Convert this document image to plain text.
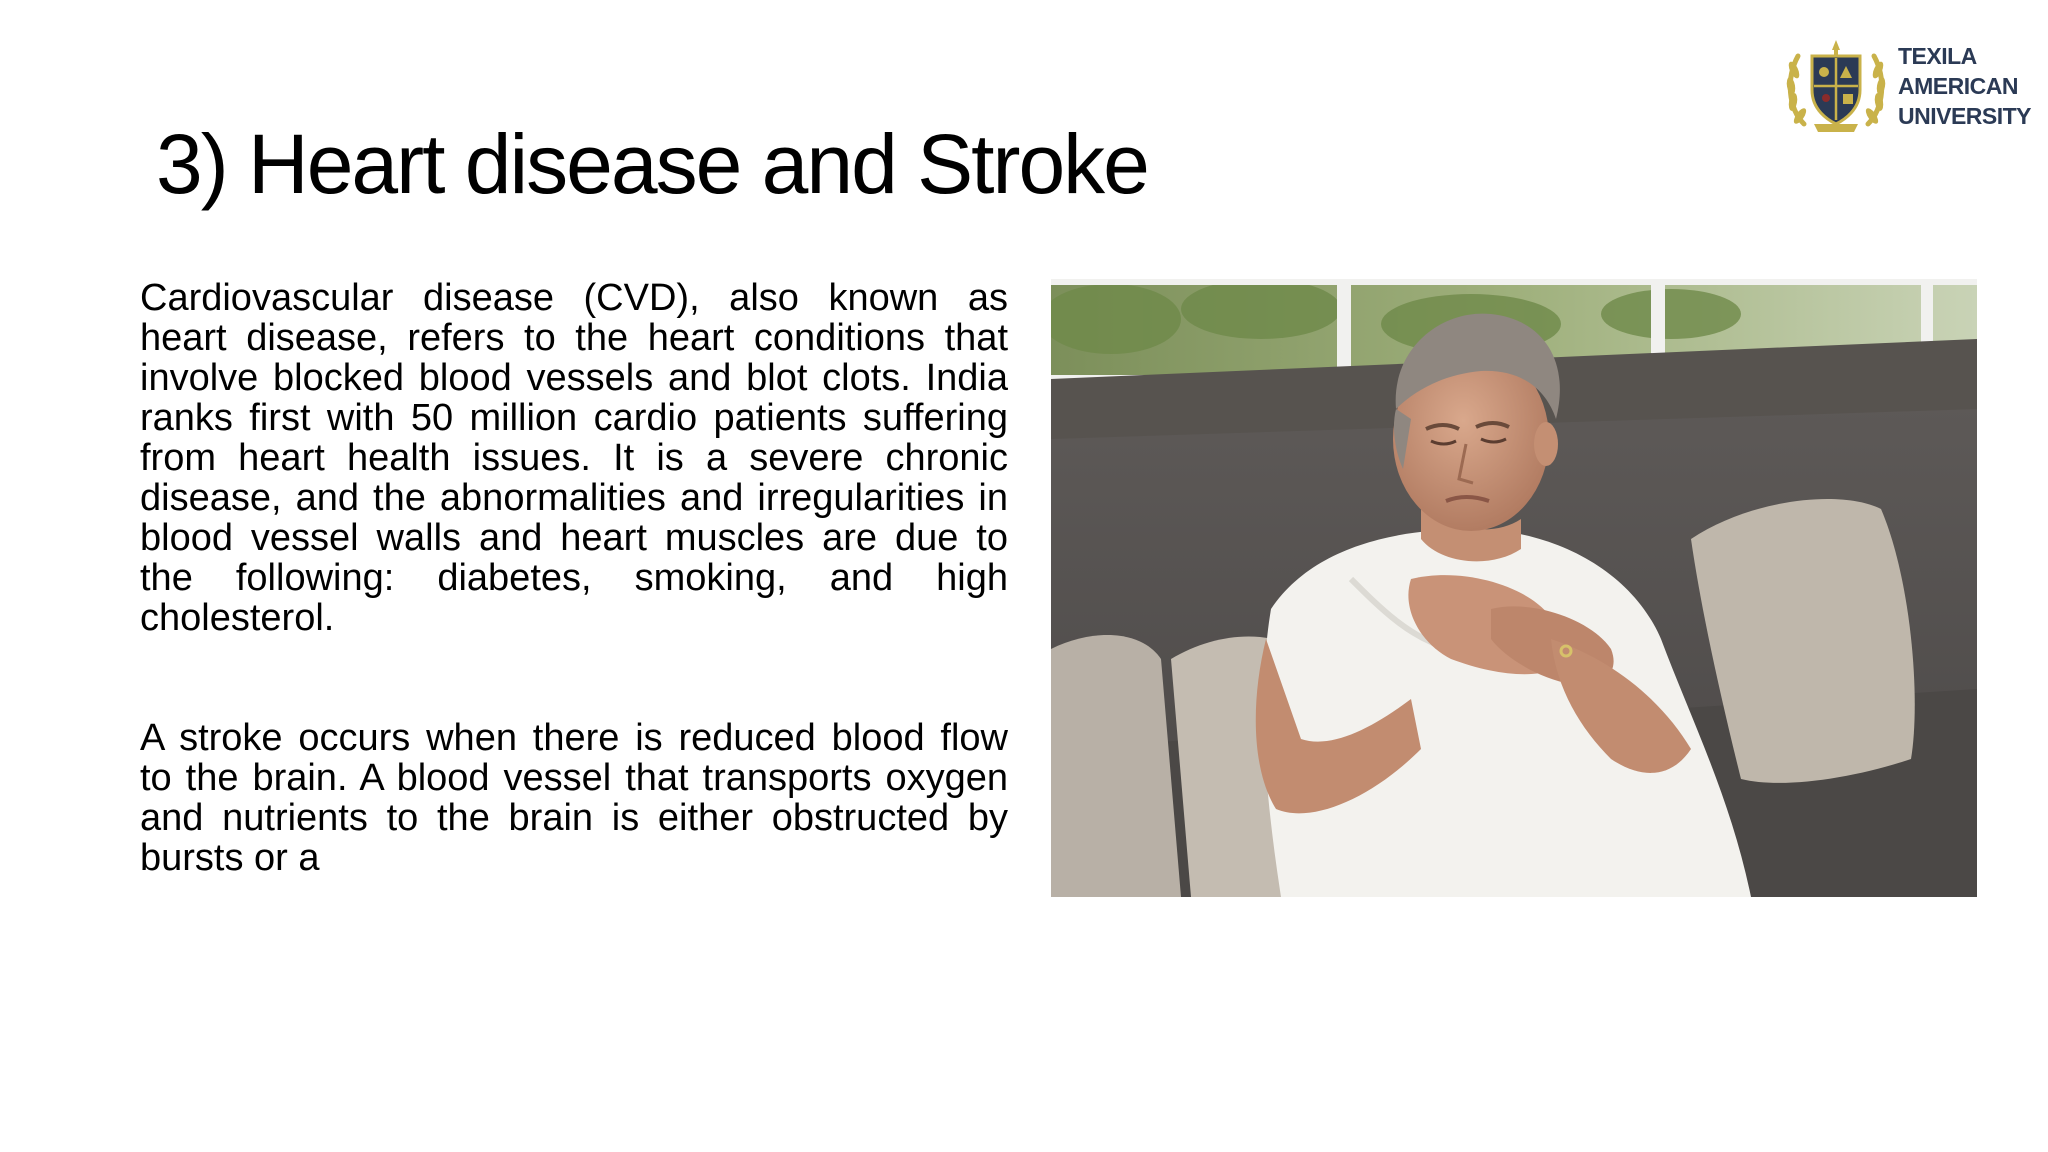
3) Heart disease and Stroke
TEXILA
AMERICAN
UNIVERSITY

Cardiovascular disease (CVD), also known as heart disease, refers to the heart conditions that involve blocked blood vessels and blot clots. India ranks first with 50 million cardio patients suffering from heart health issues. It is a severe chronic disease, and the abnormalities and irregularities in blood vessel walls and heart muscles are due to the following: diabetes, smoking, and high cholesterol.

A stroke occurs when there is reduced blood flow to the brain. A blood vessel that transports oxygen and nutrients to the brain is either obstructed by bursts or a
